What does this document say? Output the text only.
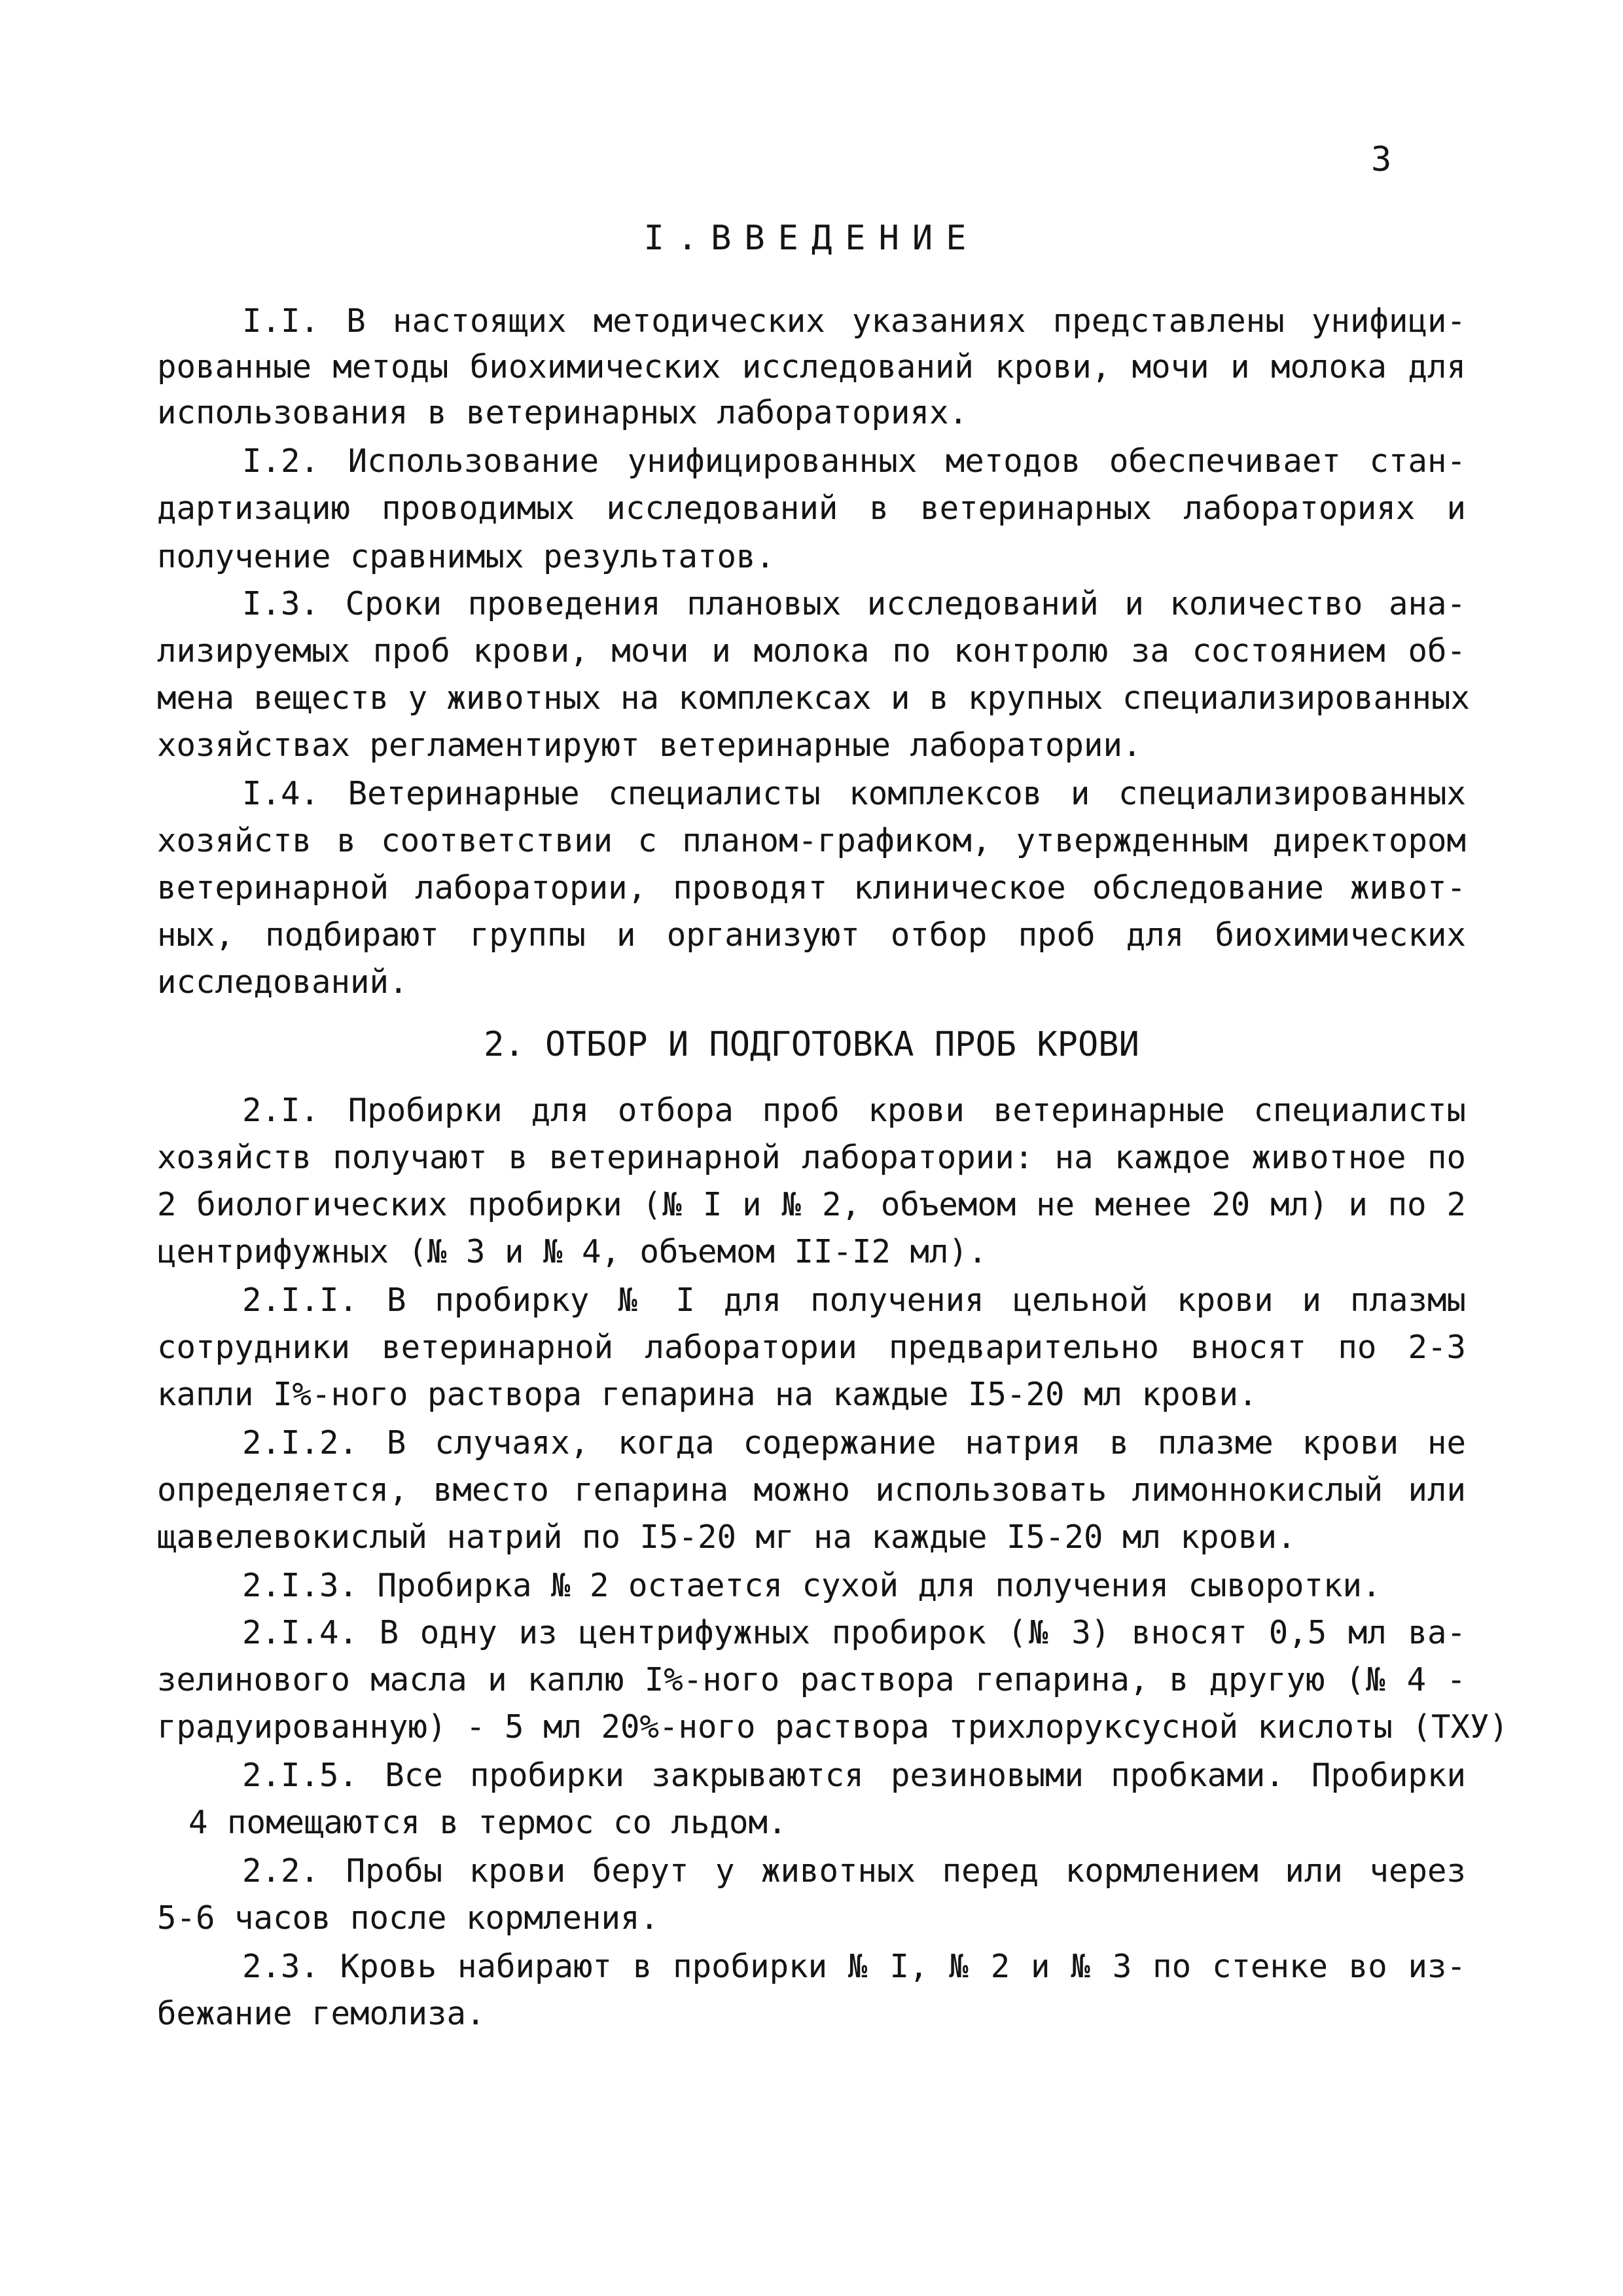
3
I.ВВЕДЕНИЕ
I.I. В настоящих методических указаниях представлены унифици-
рованные методы биохимических исследований крови, мочи и молока для
использования в ветеринарных лабораториях.
I.2. Использование унифицированных методов обеспечивает стан-
дартизацию проводимых исследований в ветеринарных лабораториях и
получение сравнимых результатов.
I.3. Сроки проведения плановых исследований и количество ана-
лизируемых проб крови, мочи и молока по контролю за состоянием об-
мена веществ у животных на комплексах и в крупных специализированных
хозяйствах регламентируют ветеринарные лаборатории.
I.4. Ветеринарные специалисты комплексов и специализированных
хозяйств в соответствии с планом-графиком, утвержденным директором
ветеринарной лаборатории, проводят клиническое обследование живот-
ных, подбирают группы и организуют отбор проб для биохимических
исследований.
2. ОТБОР И ПОДГОТОВКА ПРОБ КРОВИ
2.I. Пробирки для отбора проб крови ветеринарные специалисты
хозяйств получают в ветеринарной лаборатории: на каждое животное по
2 биологических пробирки (№ I и № 2, объемом не менее 20 мл) и по 2
центрифужных (№ 3 и № 4, объемом II-I2 мл).
2.I.I. В пробирку № I для получения цельной крови и плазмы
сотрудники ветеринарной лаборатории предварительно вносят по 2-3
капли I%-ного раствора гепарина на каждые I5-20 мл крови.
2.I.2. В случаях, когда содержание натрия в плазме крови не
определяется, вместо гепарина можно использовать лимоннокислый или
щавелевокислый натрий по I5-20 мг на каждые I5-20 мл крови.
2.I.3. Пробирка № 2 остается сухой для получения сыворотки.
2.I.4. В одну из центрифужных пробирок (№ 3) вносят 0,5 мл ва-
зелинового масла и каплю I%-ного раствора гепарина, в другую (№ 4 -
градуированную) - 5 мл 20%-ного раствора трихлоруксусной кислоты (ТХУ)
2.I.5. Все пробирки закрываются резиновыми пробками. Пробирки
4 помещаются в термос со льдом.
2.2. Пробы крови берут у животных перед кормлением или через
5-6 часов после кормления.
2.3. Кровь набирают в пробирки № I, № 2 и № 3 по стенке во из-
бежание гемолиза.
